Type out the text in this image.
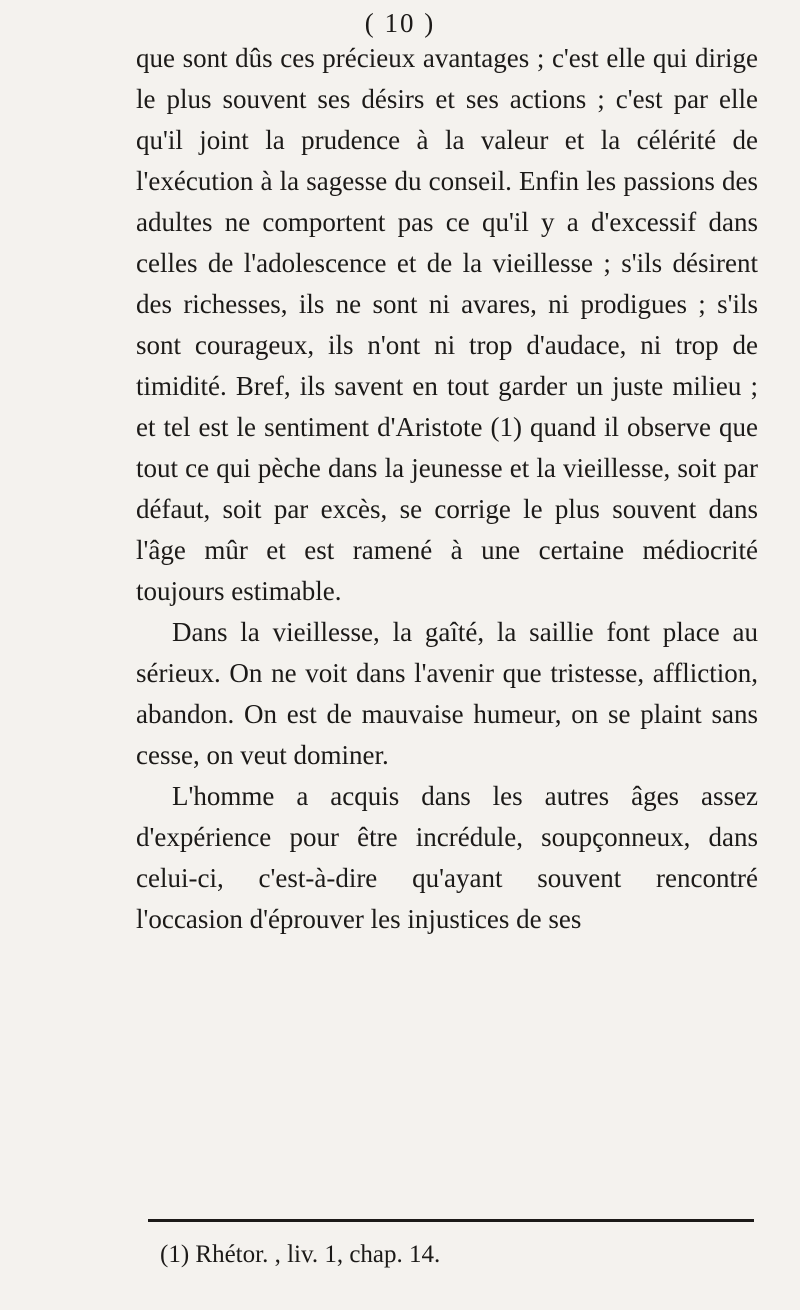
( 10 )

que sont dûs ces précieux avantages ; c'est elle qui dirige le plus souvent ses désirs et ses actions ; c'est par elle qu'il joint la prudence à la valeur et la célérité de l'exécution à la sagesse du conseil. Enfin les passions des adultes ne comportent pas ce qu'il y a d'excessif dans celles de l'adolescence et de la vieillesse ; s'ils désirent des richesses, ils ne sont ni avares, ni prodigues ; s'ils sont courageux, ils n'ont ni trop d'audace, ni trop de timidité. Bref, ils savent en tout garder un juste milieu ; et tel est le sentiment d'Aristote (1) quand il observe que tout ce qui pèche dans la jeunesse et la vieillesse, soit par défaut, soit par excès, se corrige le plus souvent dans l'âge mûr et est ramené à une certaine médiocrité toujours estimable.

Dans la vieillesse, la gaîté, la saillie font place au sérieux. On ne voit dans l'avenir que tristesse, affliction, abandon. On est de mauvaise humeur, on se plaint sans cesse, on veut dominer.

L'homme a acquis dans les autres âges assez d'expérience pour être incrédule, soupçonneux, dans celui-ci, c'est-à-dire qu'ayant souvent rencontré l'occasion d'éprouver les injustices de ses

(1) Rhétor. , liv. 1, chap. 14.
